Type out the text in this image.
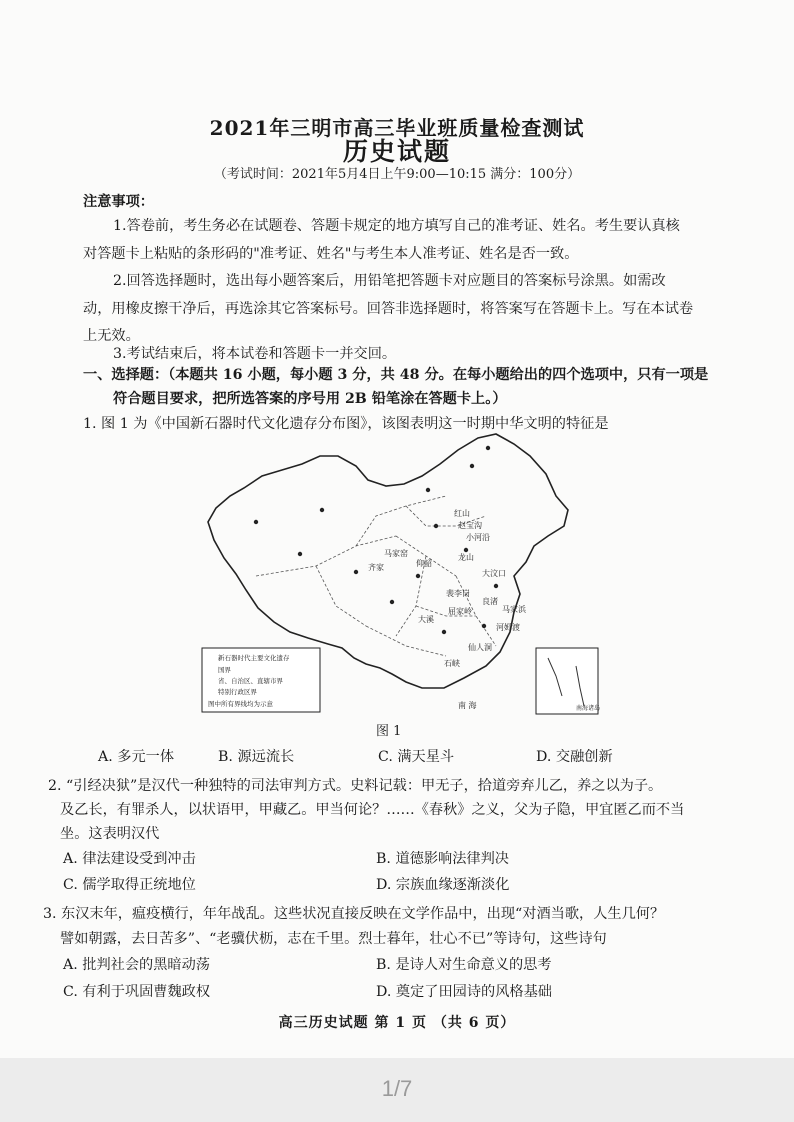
2021年三明市高三毕业班质量检查测试
历史试题
（考试时间：2021年5月4日上午9:00—10:15 满分：100分）
注意事项：
1.答卷前，考生务必在试题卷、答题卡规定的地方填写自己的准考证、姓名。考生要认真核
对答题卡上粘贴的条形码的"准考证、姓名"与考生本人准考证、姓名是否一致。
2.回答选择题时，选出每小题答案后，用铅笔把答题卡对应题目的答案标号涂黑。如需改
动，用橡皮擦干净后，再选涂其它答案标号。回答非选择题时，将答案写在答题卡上。写在本试卷
上无效。
3.考试结束后，将本试卷和答题卡一并交回。
一、选择题：（本题共 16 小题，每小题 3 分，共 48 分。在每小题给出的四个选项中，只有一项是
符合题目要求，把所选答案的序号用 2B 铅笔涂在答题卡上。）
1. 图 1 为《中国新石器时代文化遗存分布图》，该图表明这一时期中华文明的特征是
红山
赵宝沟
小河沿
大汶口
龙山
仰韶
马家窑
齐家
裴李岗
河姆渡
马家浜
良渚
屈家岭
大溪
石峡
仙人洞
新石器时代主要文化遗存
国界
省、自治区、直辖市界
特别行政区界
图中所有界线均为示意
南海诸岛
南 海
图 1
A. 多元一体	B. 源远流长	C. 满天星斗	D. 交融创新
2. “引经决狱”是汉代一种独特的司法审判方式。史料记载：甲无子，拾道旁弃儿乙，养之以为子。
及乙长，有罪杀人，以状语甲，甲藏乙。甲当何论？……《春秋》之义，父为子隐，甲宜匿乙而不当
坐。这表明汉代
A. 律法建设受到冲击	B. 道德影响法律判决
C. 儒学取得正统地位	D. 宗族血缘逐渐淡化
3. 东汉末年，瘟疫横行，年年战乱。这些状况直接反映在文学作品中，出现“对酒当歌，人生几何？
譬如朝露，去日苦多”、“老骥伏枥，志在千里。烈士暮年，壮心不已”等诗句，这些诗句
A. 批判社会的黑暗动荡	B. 是诗人对生命意义的思考
C. 有利于巩固曹魏政权	D. 奠定了田园诗的风格基础
高三历史试题 第 1 页 （共 6 页）
1/7
